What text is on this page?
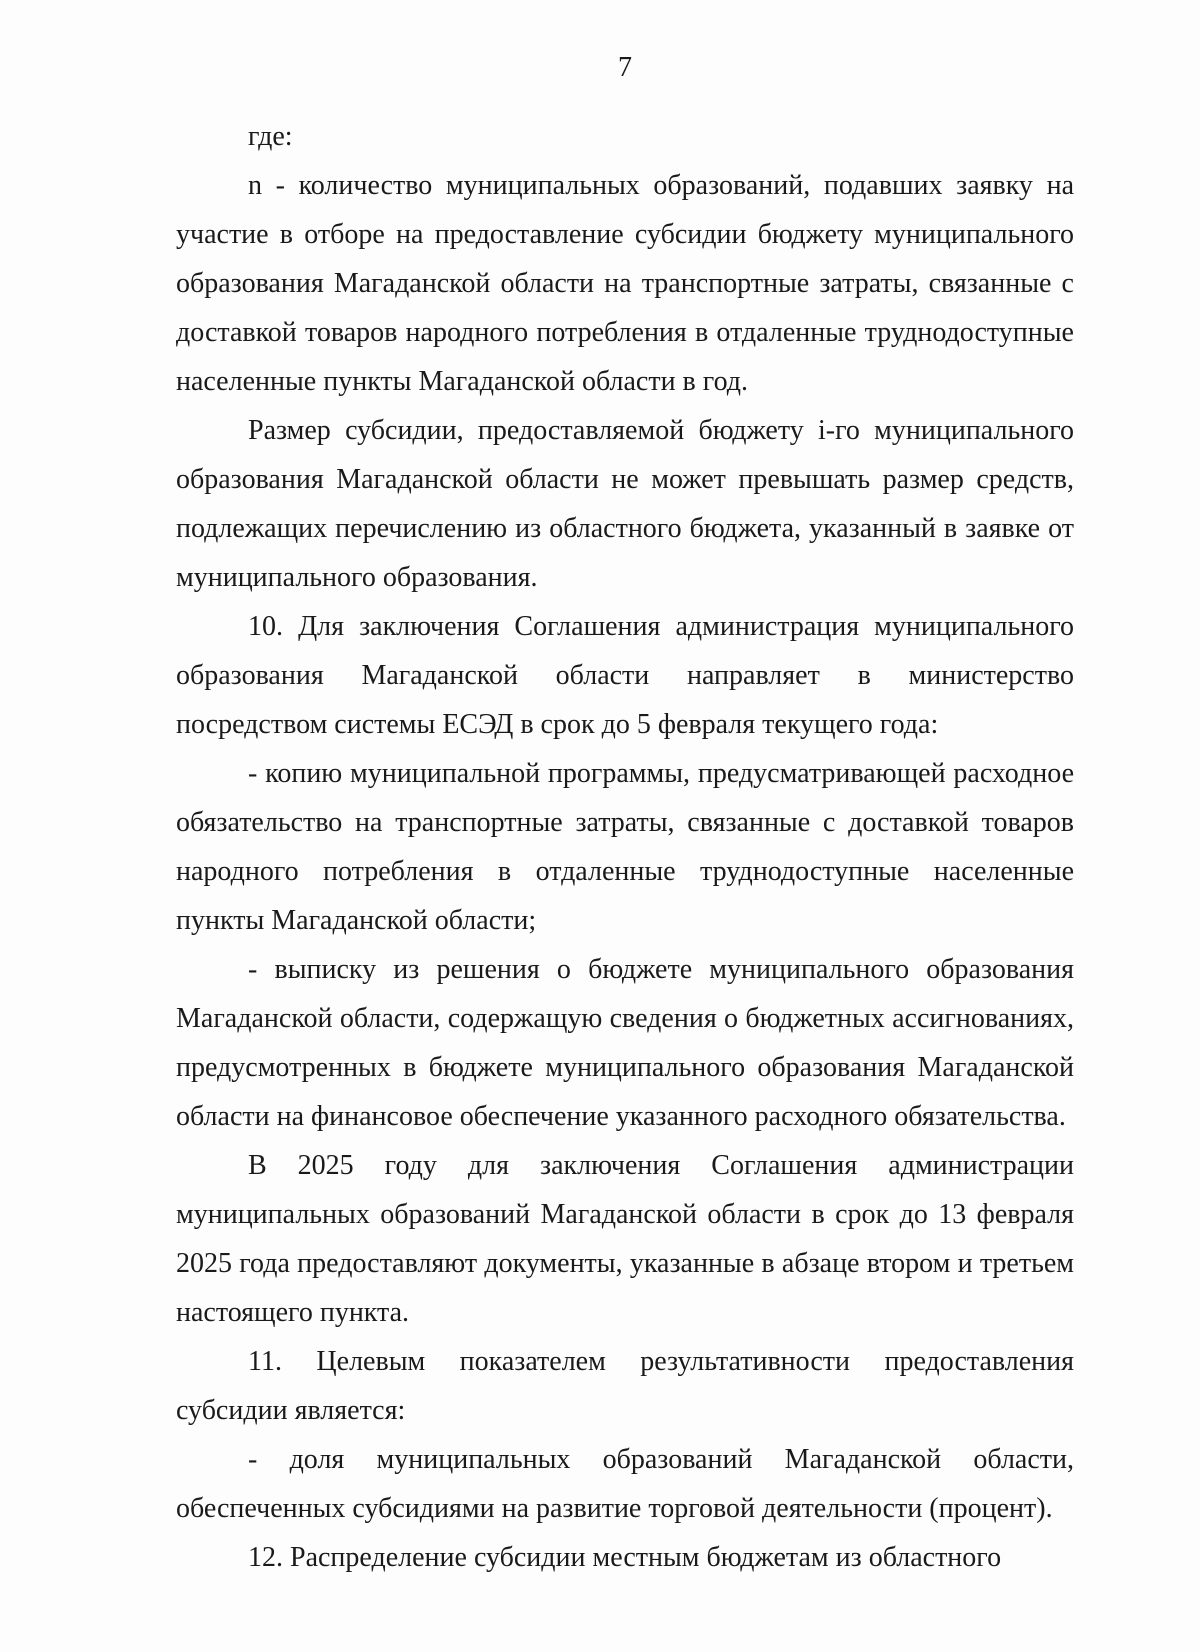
7

где:

n - количество муниципальных образований, подавших заявку на участие в отборе на предоставление субсидии бюджету муниципального образования Магаданской области на транспортные затраты, связанные с доставкой товаров народного потребления в отдаленные труднодоступные населенные пункты Магаданской области в год.

Размер субсидии, предоставляемой бюджету i-го муниципального образования Магаданской области не может превышать размер средств, подлежащих перечислению из областного бюджета, указанный в заявке от муниципального образования.

10. Для заключения Соглашения администрация муниципального образования Магаданской области направляет в министерство посредством системы ЕСЭД в срок до 5 февраля текущего года:

- копию муниципальной программы, предусматривающей расходное обязательство на транспортные затраты, связанные с доставкой товаров народного потребления в отдаленные труднодоступные населенные пункты Магаданской области;

- выписку из решения о бюджете муниципального образования Магаданской области, содержащую сведения о бюджетных ассигнованиях, предусмотренных в бюджете муниципального образования Магаданской области на финансовое обеспечение указанного расходного обязательства.

В 2025 году для заключения Соглашения администрации муниципальных образований Магаданской области в срок до 13 февраля 2025 года предоставляют документы, указанные в абзаце втором и третьем настоящего пункта.

11. Целевым показателем результативности предоставления субсидии является:

- доля муниципальных образований Магаданской области, обеспеченных субсидиями на развитие торговой деятельности (процент).

12. Распределение субсидии местным бюджетам из областного
